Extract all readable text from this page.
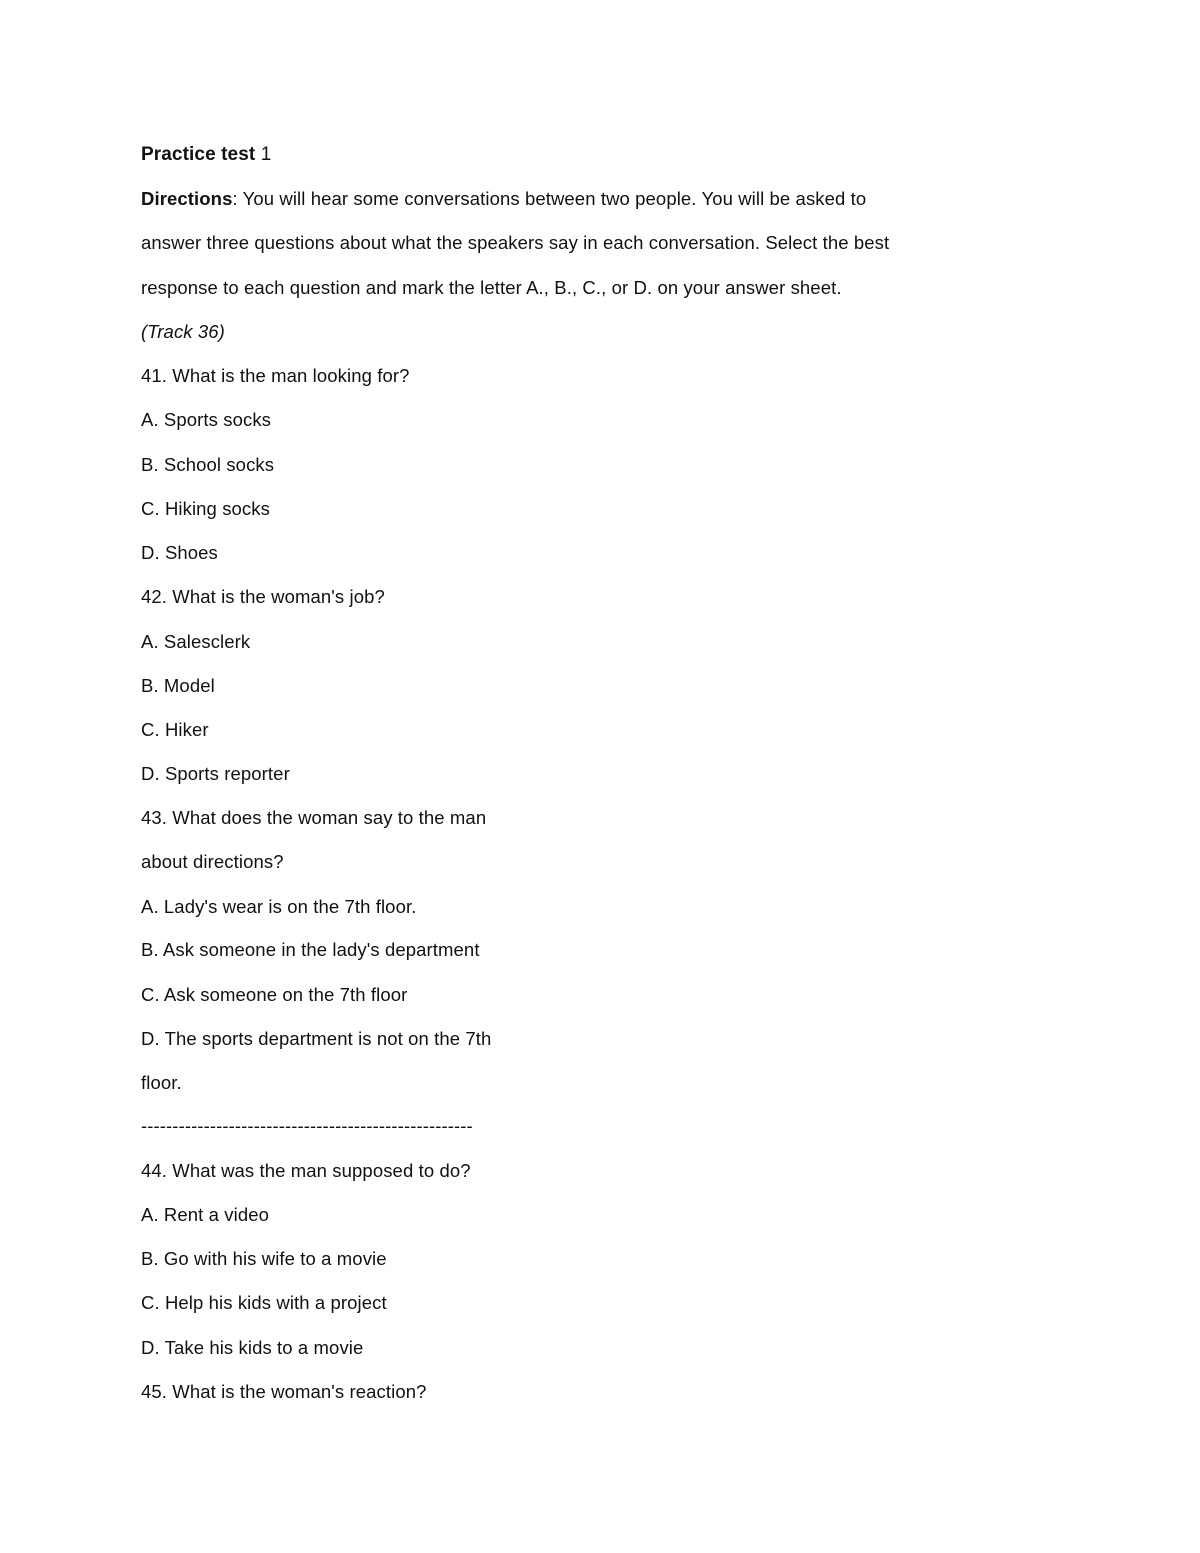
Practice test 1
Directions: You will hear some conversations between two people. You will be asked to
answer three questions about what the speakers say in each conversation. Select the best
response to each question and mark the letter A., B., C., or D. on your answer sheet.
(Track 36)
41. What is the man looking for?
A. Sports socks
B. School socks
C. Hiking socks
D. Shoes
42. What is the woman's job?
A. Salesclerk
B. Model
C. Hiker
D. Sports reporter
43. What does the woman say to the man
about directions?
A. Lady's wear is on the 7th floor.
B. Ask someone in the lady's department
C. Ask someone on the 7th floor
D. The sports department is not on the 7th
floor.
-----------------------------------------------------
44. What was the man supposed to do?
A. Rent a video
B. Go with his wife to a movie
C. Help his kids with a project
D. Take his kids to a movie
45. What is the woman's reaction?
